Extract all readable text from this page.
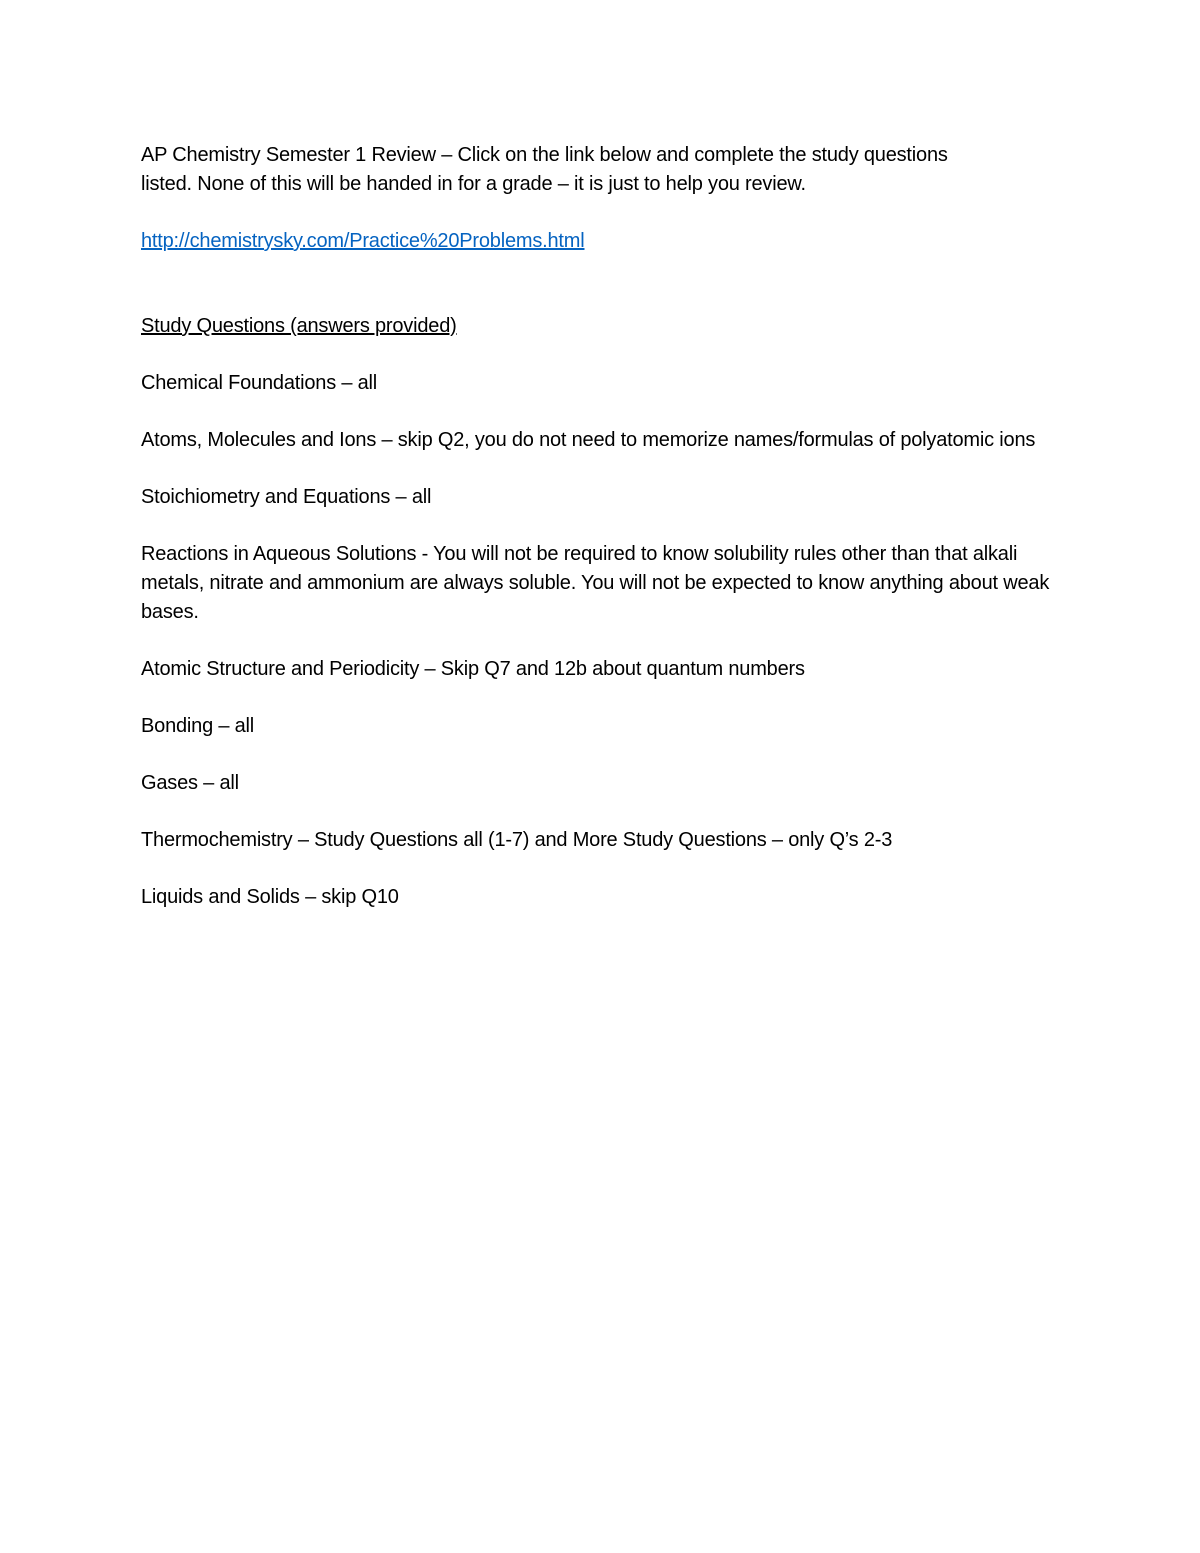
AP Chemistry Semester 1 Review – Click on the link below and complete the study questions
listed. None of this will be handed in for a grade – it is just to help you review.

http://chemistrysky.com/Practice%20Problems.html

Study Questions (answers provided)

Chemical Foundations – all

Atoms, Molecules and Ions – skip Q2, you do not need to memorize names/formulas of polyatomic ions

Stoichiometry and Equations – all

Reactions in Aqueous Solutions - You will not be required to know solubility rules other than that alkali metals, nitrate and ammonium are always soluble. You will not be expected to know anything about weak bases.

Atomic Structure and Periodicity – Skip Q7 and 12b about quantum numbers

Bonding – all

Gases – all

Thermochemistry – Study Questions all (1-7) and More Study Questions – only Q’s 2-3

Liquids and Solids – skip Q10
